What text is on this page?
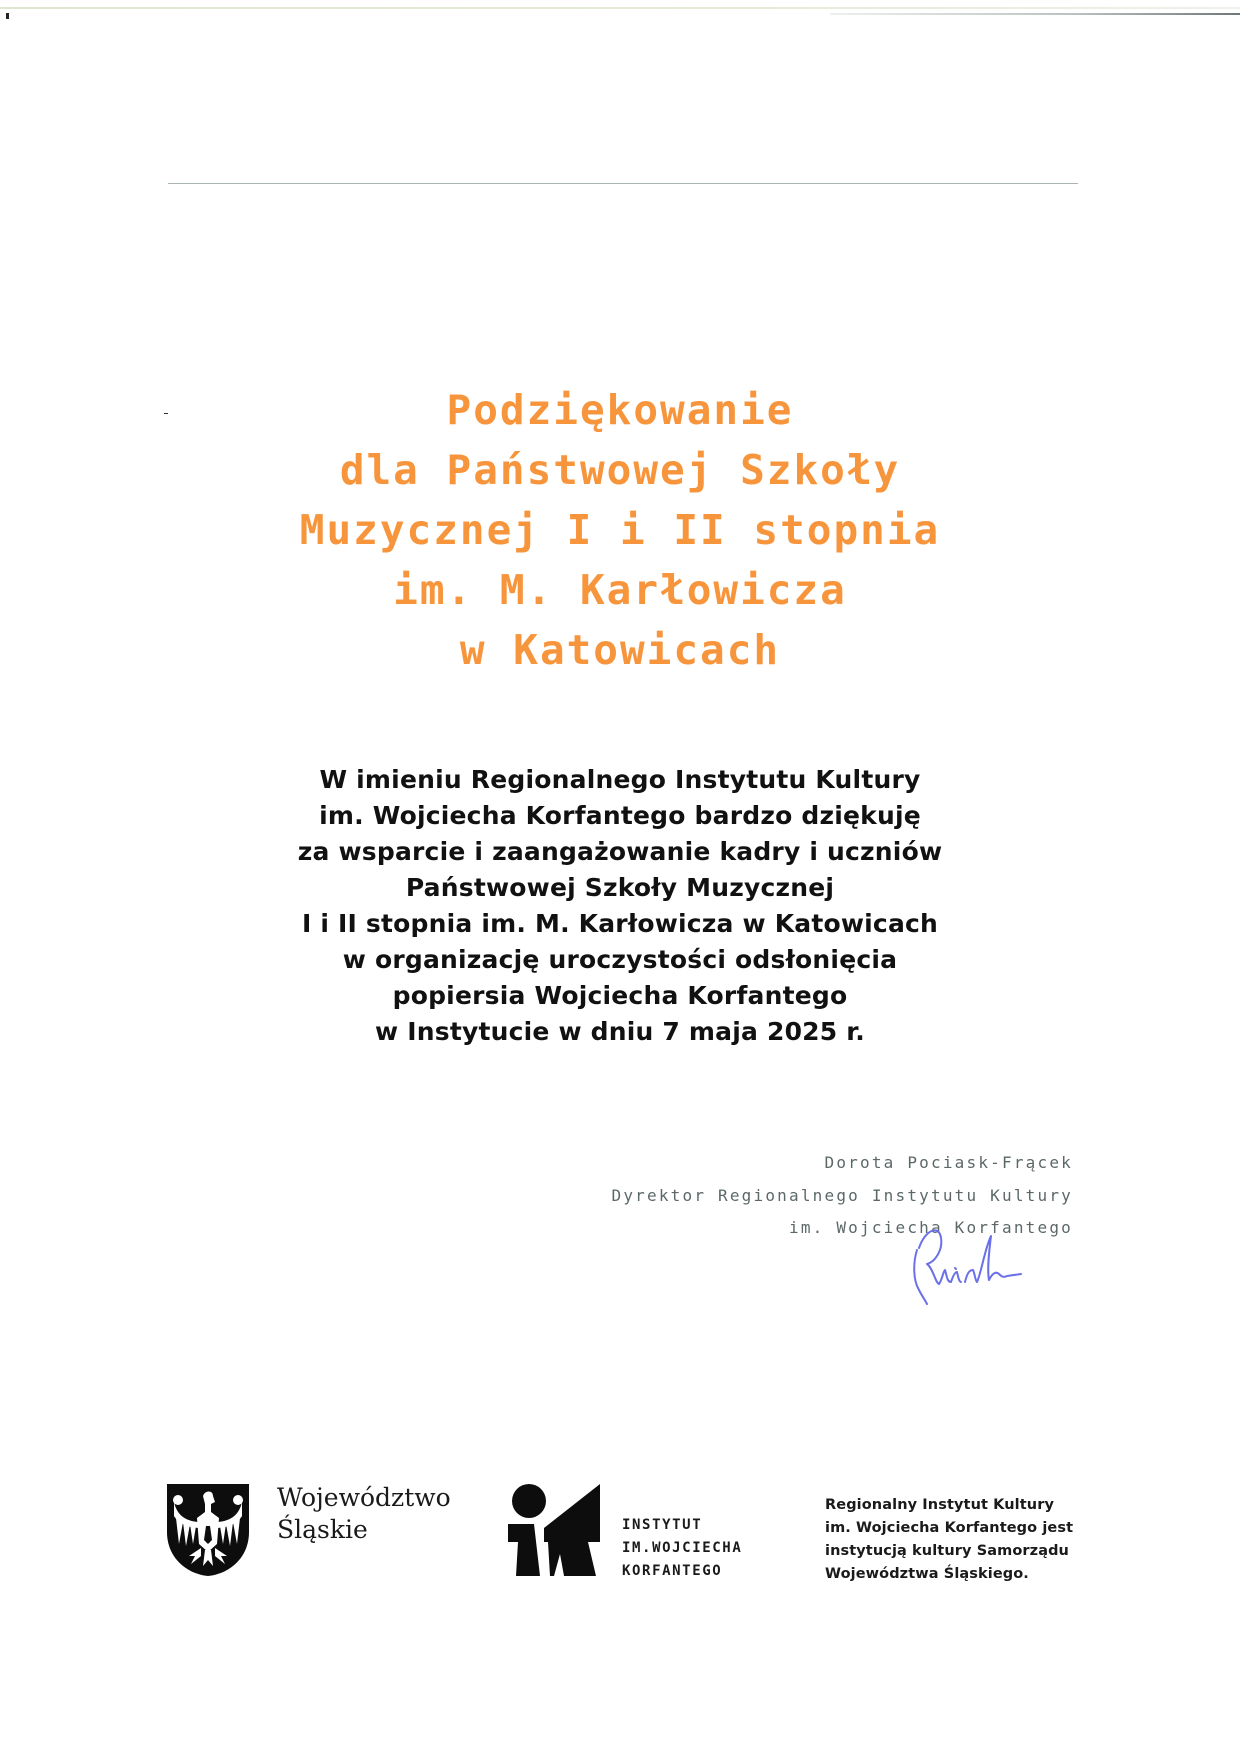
Podziękowanie
dla Państwowej Szkoły
Muzycznej I i II stopnia
im. M. Karłowicza
w Katowicach
W imieniu Regionalnego Instytutu Kultury
im. Wojciecha Korfantego bardzo dziękuję
za wsparcie i zaangażowanie kadry i uczniów
Państwowej Szkoły Muzycznej
I i II stopnia im. M. Karłowicza w Katowicach
w organizację uroczystości odsłonięcia
popiersia Wojciecha Korfantego
w Instytucie w dniu 7 maja 2025 r.
Dorota Pociask-Frącek
Dyrektor Regionalnego Instytutu Kultury
im. Wojciecha Korfantego
Województwo
Śląskie	INSTYTUT
IM.WOJCIECHA
KORFANTEGO
Regionalny Instytut Kultury
im. Wojciecha Korfantego jest
instytucją kultury Samorządu
Województwa Śląskiego.
